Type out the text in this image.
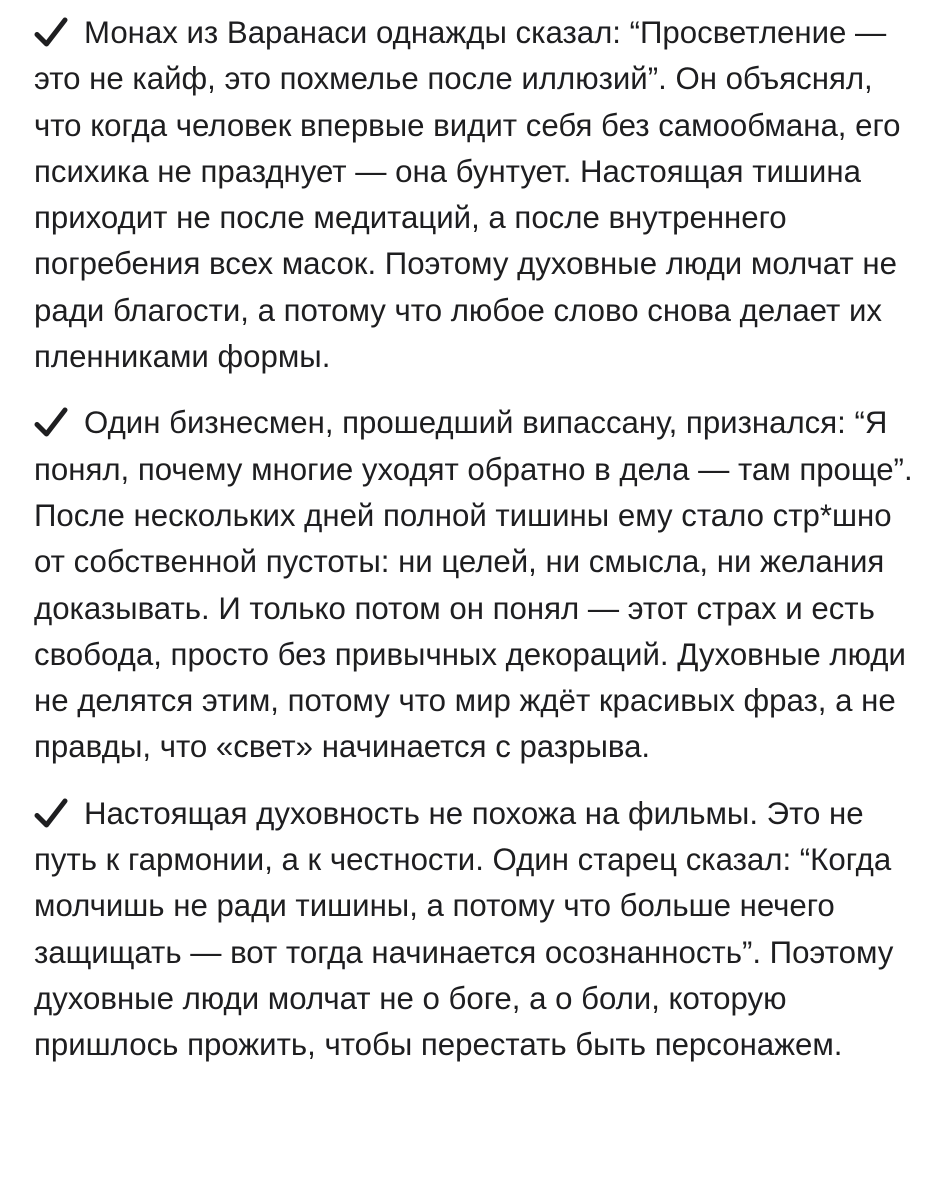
Монах из Варанаси однажды сказал: “Просветление — это не кайф, это похмелье после иллюзий”. Он объяснял, что когда человек впервые видит себя без самообмана, его психика не празднует — она бунтует. Настоящая тишина приходит не после медитаций, а после внутреннего погребения всех масок. Поэтому духовные люди молчат не ради благости, а потому что любое слово снова делает их пленниками формы.

Один бизнесмен, прошедший випассану, признался: “Я понял, почему многие уходят обратно в дела — там проще”. После нескольких дней полной тишины ему стало стр*шно от собственной пустоты: ни целей, ни смысла, ни желания доказывать. И только потом он понял — этот страх и есть свобода, просто без привычных декораций. Духовные люди не делятся этим, потому что мир ждёт красивых фраз, а не правды, что «свет» начинается с разрыва.

Настоящая духовность не похожа на фильмы. Это не путь к гармонии, а к честности. Один старец сказал: “Когда молчишь не ради тишины, а потому что больше нечего защищать — вот тогда начинается осознанность”. Поэтому духовные люди молчат не о боге, а о боли, которую пришлось прожить, чтобы перестать быть персонажем.
